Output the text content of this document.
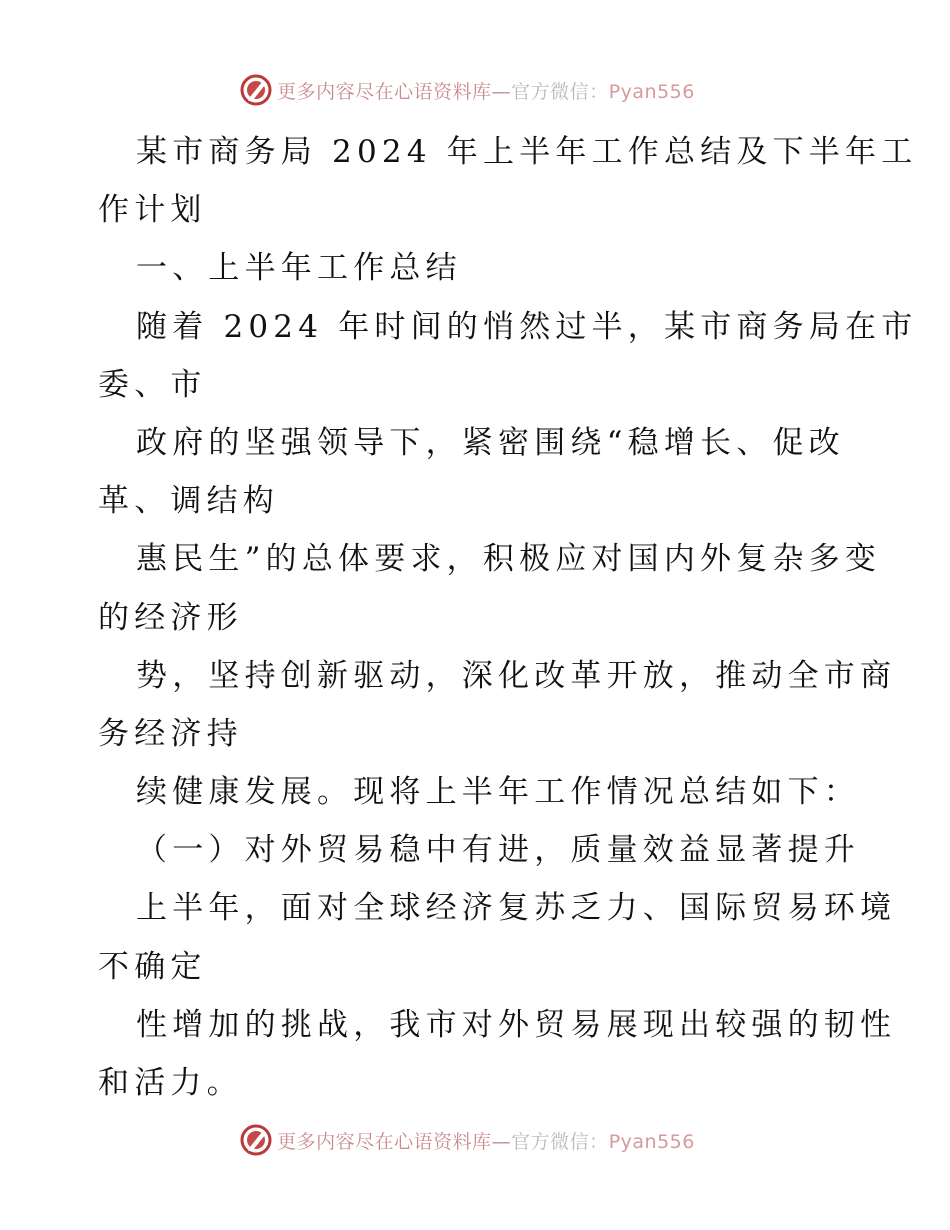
更多内容尽在心语资料库—官方微信：Pyan556
某市商务局 2024 年上半年工作总结及下半年工
作计划
一、上半年工作总结
随着 2024 年时间的悄然过半，某市商务局在市
委、市
政府的坚强领导下，紧密围绕“稳增长、促改
革、调结构
惠民生”的总体要求，积极应对国内外复杂多变
的经济形
势，坚持创新驱动，深化改革开放，推动全市商
务经济持
续健康发展。现将上半年工作情况总结如下：
（一）对外贸易稳中有进，质量效益显著提升
上半年，面对全球经济复苏乏力、国际贸易环境
不确定
性增加的挑战，我市对外贸易展现出较强的韧性
和活力。
更多内容尽在心语资料库—官方微信：Pyan556
